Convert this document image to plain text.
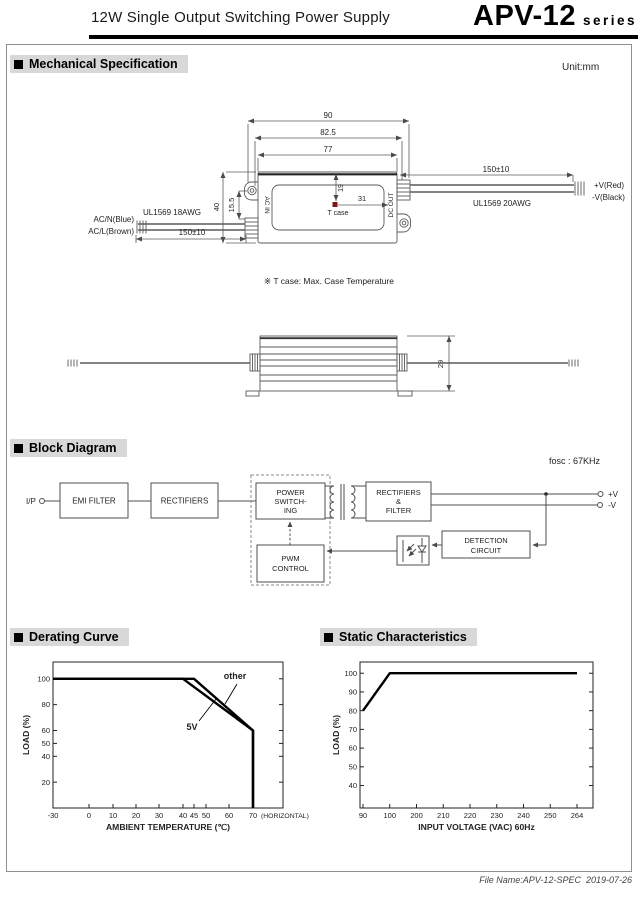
12W Single Output Switching Power Supply	APV-12 series
Mechanical Specification	Unit:mm
Block Diagram
fosc : 67KHz
Derating Curve	Static Characteristics
90
82.5
77
40 15.5
19
31
T case
AC IN	DC OUT
AC/N(Blue)
AC/L(Brown)
UL1569 18AWG
150±10
150±10
+V(Red)
-V(Black)
UL1569 20AWG
※ T case: Max. Case Temperature
29
I/P	EMI FILTER	RECTIFIERS
POWER
SWITCH-
ING
PWM
CONTROL
RECTIFIERS
&
FILTER
DETECTION
CIRCUIT
+V
-V
20
40
50
60
80
100
-30	0 10 20 30 40 45 50 60 70 (HORIZONTAL)
other
5V
AMBIENT TEMPERATURE (℃)
LOAD (%)
40
50
60
70
80
90
100
90 100 200 210 220 230 240 250 264
INPUT VOLTAGE (VAC) 60Hz
LOAD (%)
File Name:APV-12-SPEC  2019-07-26
